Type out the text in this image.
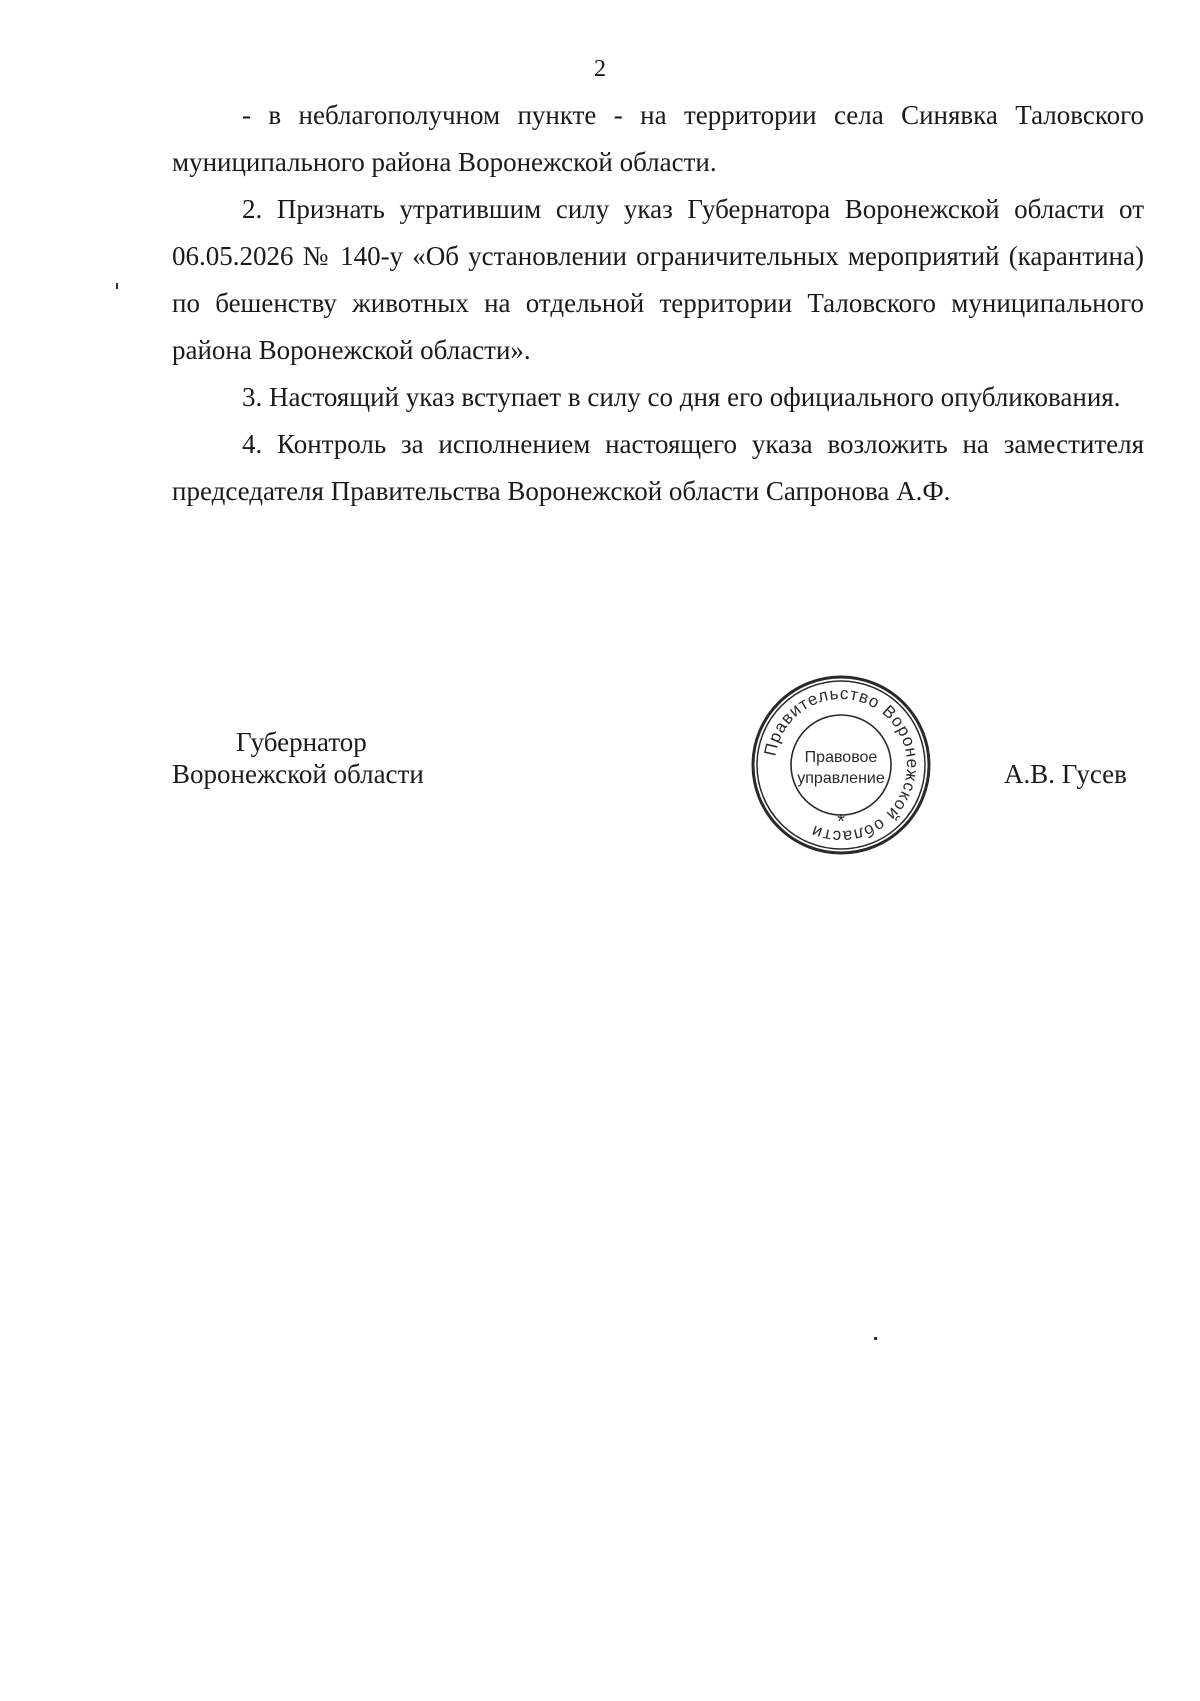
2

- в неблагополучном пункте - на территории села Синявка Таловского муниципального района Воронежской области.

2. Признать утратившим силу указ Губернатора Воронежской области от 06.05.2026 № 140-у «Об установлении ограничительных мероприятий (карантина) по бешенству животных на отдельной территории Таловского муниципального района Воронежской области».

3. Настоящий указ вступает в силу со дня его официального опубликования.

4. Контроль за исполнением настоящего указа возложить на заместителя председателя Правительства Воронежской области Сапронова А.Ф.

Губернатор
Воронежской области
Правительство Воронежской области
Правовое
управление
*
А.В. Гусев
